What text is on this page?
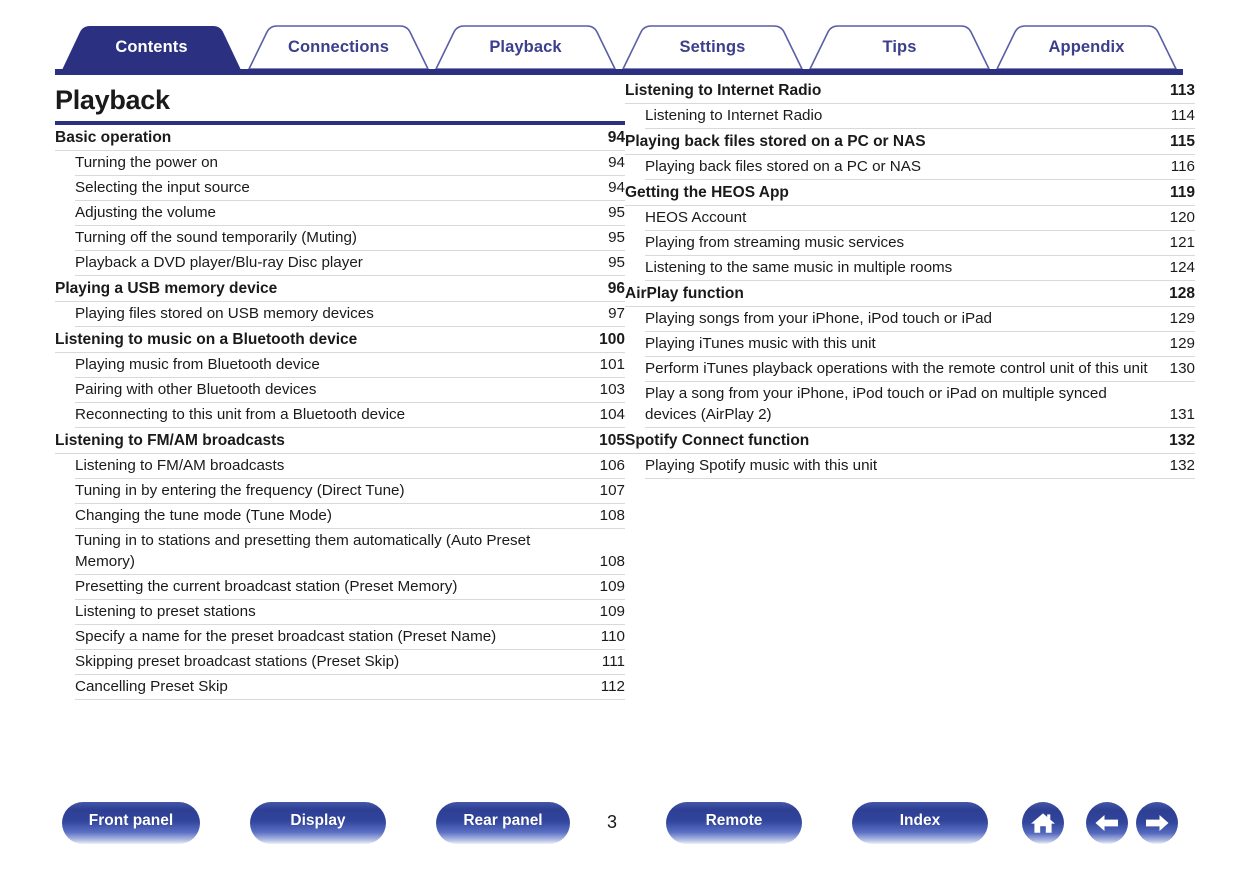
Contents	Connections	Playback	Settings	Tips	Appendix
Playback
Basic operation	94
Turning the power on	94
Selecting the input source	94
Adjusting the volume	95
Turning off the sound temporarily (Muting)	95
Playback a DVD player/Blu-ray Disc player	95
Playing a USB memory device	96
Playing files stored on USB memory devices	97
Listening to music on a Bluetooth device	100
Playing music from Bluetooth device	101
Pairing with other Bluetooth devices	103
Reconnecting to this unit from a Bluetooth device	104
Listening to FM/AM broadcasts	105
Listening to FM/AM broadcasts	106
Tuning in by entering the frequency (Direct Tune)	107
Changing the tune mode (Tune Mode)	108
Tuning in to stations and presetting them automatically (Auto Preset Memory)	108
Presetting the current broadcast station (Preset Memory)	109
Listening to preset stations	109
Specify a name for the preset broadcast station (Preset Name)	110
Skipping preset broadcast stations (Preset Skip)	111
Cancelling Preset Skip	112
Listening to Internet Radio	113
Listening to Internet Radio	114
Playing back files stored on a PC or NAS	115
Playing back files stored on a PC or NAS	116
Getting the HEOS App	119
HEOS Account	120
Playing from streaming music services	121
Listening to the same music in multiple rooms	124
AirPlay function	128
Playing songs from your iPhone, iPod touch or iPad	129
Playing iTunes music with this unit	129
Perform iTunes playback operations with the remote control unit of this unit	130
Play a song from your iPhone, iPod touch or iPad on multiple synced devices (AirPlay 2)	131
Spotify Connect function	132
Playing Spotify music with this unit	132
Front panel	Display	Rear panel	3	Remote	Index
